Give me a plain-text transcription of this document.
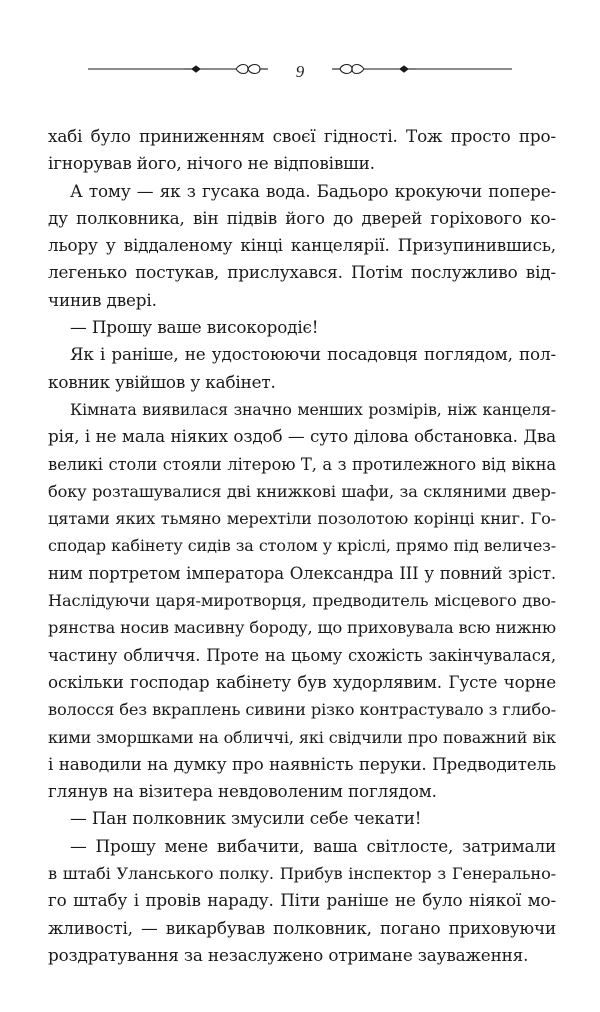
9
хабі було приниженням своєї гідності. Тож просто про-
ігнорував його, нічого не відповівши.
А тому — як з гусака вода. Бадьоро крокуючи попере-
ду полковника, він підвів його до дверей горіхового ко-
льору у віддаленому кінці канцелярії. Призупинившись,
легенько постукав, прислухався. Потім послужливо від-
чинив двері.
— Прошу ваше високородіє!
Як і раніше, не удостоюючи посадовця поглядом, пол-
ковник увійшов у кабінет.
Кімната виявилася значно менших розмірів, ніж канцеля-
рія, і не мала ніяких оздоб — суто ділова обстановка. Два
великі столи стояли літерою Т, а з протилежного від вікна
боку розташувалися дві книжкові шафи, за скляними двер-
цятами яких тьмяно мерехтіли позолотою корінці книг. Го-
сподар кабінету сидів за столом у кріслі, прямо під величез-
ним портретом імператора Олександра III у повний зріст.
Наслідуючи царя-миротворця, предводитель місцевого дво-
рянства носив масивну бороду, що приховувала всю нижню
частину обличчя. Проте на цьому схожість закінчувалася,
оскільки господар кабінету був худорлявим. Густе чорне
волосся без вкраплень сивини різко контрастувало з глибо-
кими зморшками на обличчі, які свідчили про поважний вік
і наводили на думку про наявність перуки. Предводитель
глянув на візитера невдоволеним поглядом.
— Пан полковник змусили себе чекати!
— Прошу мене вибачити, ваша світлосте, затримали
в штабі Уланського полку. Прибув інспектор з Генерально-
го штабу і провів нараду. Піти раніше не було ніякої мо-
жливості, — викарбував полковник, погано приховуючи
роздратування за незаслужено отримане зауваження.
